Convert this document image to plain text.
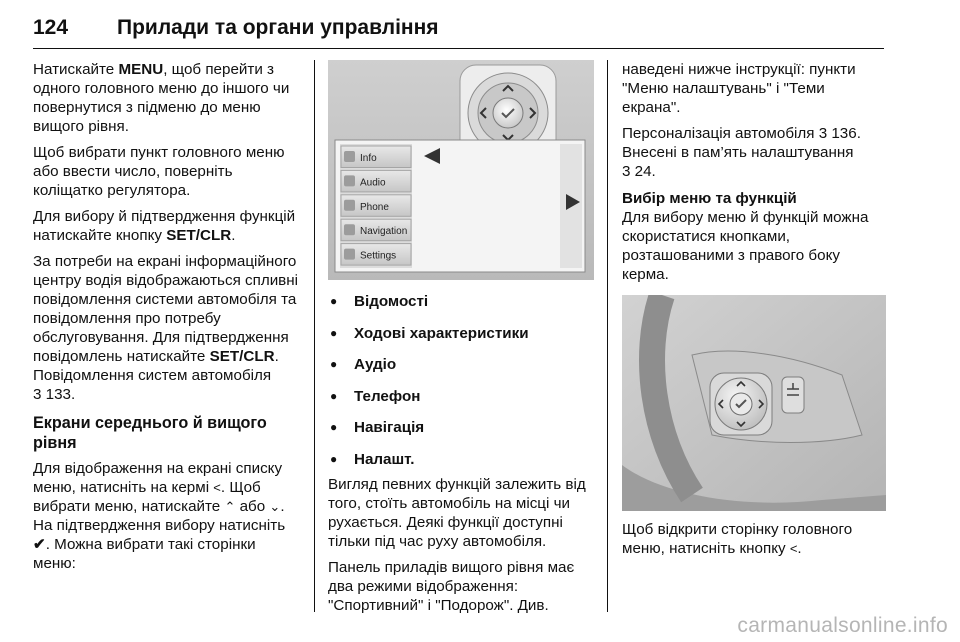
124 Прилади та органи управління

Натискайте MENU, щоб перейти з одного головного меню до іншого чи повернутися з підменю до меню вищого рівня.

Щоб вибрати пункт головного меню або ввести число, поверніть коліщатко регулятора.

Для вибору й підтвердження функцій натискайте кнопку SET/CLR.

За потреби на екрані інформаційного центру водія відображаються спливні повідомлення системи автомобіля та повідомлення про потребу обслуговування. Для підтвердження повідомлень натискайте SET/CLR.
Повідомлення систем автомобіля
3 133.

Екрани середнього й вищого рівня

Для відображення на екрані списку меню, натисніть на кермі <. Щоб вибрати меню, натискайте ⌃ або ⌄. На підтвердження вибору натисніть ✔. Можна вибрати такі сторінки меню:

Info
Audio
Phone
Navigation
Settings
● Відомості
● Ходові характеристики
● Аудіо
● Телефон
● Навігація
● Налашт.

Вигляд певних функцій залежить від того, стоїть автомобіль на місці чи рухається. Деякі функції доступні тільки під час руху автомобіля.

Панель приладів вищого рівня має два режими відображення: "Спортивний" і "Подорож". Див.

наведені нижче інструкції: пункти "Меню налаштувань" і "Теми екрана".

Персоналізація автомобіля 3 136.
Внесені в пам’ять налаштування
3 24.

Вибір меню та функцій

Для вибору меню й функцій можна скористатися кнопками, розташованими з правого боку керма.

Щоб відкрити сторінку головного меню, натисніть кнопку <.

carmanualsonline.info
